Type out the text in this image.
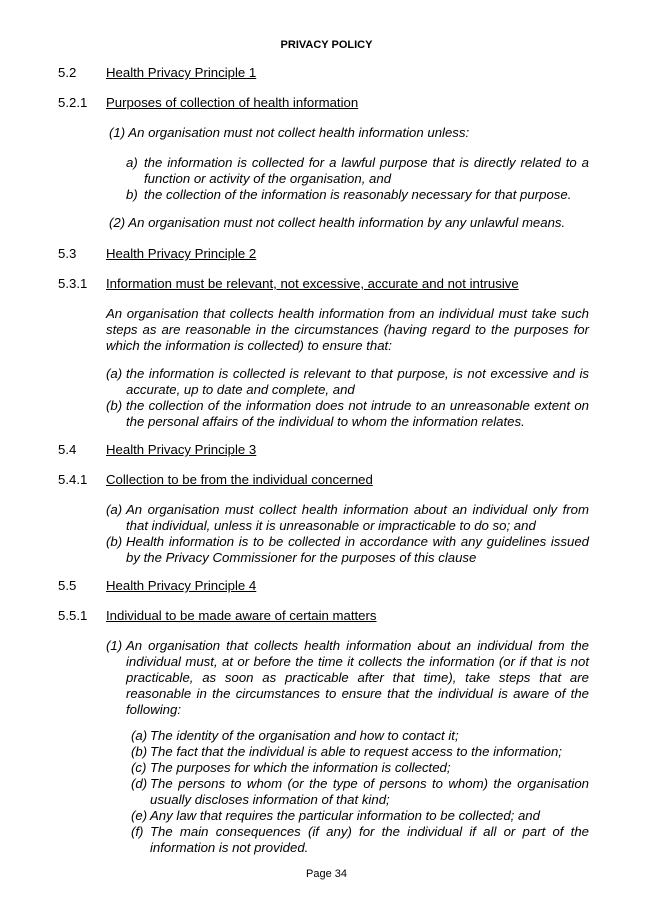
PRIVACY POLICY
5.2 Health Privacy Principle 1
5.2.1 Purposes of collection of health information
(1) An organisation must not collect health information unless:
a) the information is collected for a lawful purpose that is directly related to a function or activity of the organisation, and
b) the collection of the information is reasonably necessary for that purpose.
(2) An organisation must not collect health information by any unlawful means.
5.3 Health Privacy Principle 2
5.3.1 Information must be relevant, not excessive, accurate and not intrusive
An organisation that collects health information from an individual must take such steps as are reasonable in the circumstances (having regard to the purposes for which the information is collected) to ensure that:
(a) the information is collected is relevant to that purpose, is not excessive and is accurate, up to date and complete, and
(b) the collection of the information does not intrude to an unreasonable extent on the personal affairs of the individual to whom the information relates.
5.4 Health Privacy Principle 3
5.4.1 Collection to be from the individual concerned
(a) An organisation must collect health information about an individual only from that individual, unless it is unreasonable or impracticable to do so; and
(b) Health information is to be collected in accordance with any guidelines issued by the Privacy Commissioner for the purposes of this clause
5.5 Health Privacy Principle 4
5.5.1 Individual to be made aware of certain matters
(1) An organisation that collects health information about an individual from the individual must, at or before the time it collects the information (or if that is not practicable, as soon as practicable after that time), take steps that are reasonable in the circumstances to ensure that the individual is aware of the following:
(a) The identity of the organisation and how to contact it;
(b) The fact that the individual is able to request access to the information;
(c) The purposes for which the information is collected;
(d) The persons to whom (or the type of persons to whom) the organisation usually discloses information of that kind;
(e) Any law that requires the particular information to be collected; and
(f) The main consequences (if any) for the individual if all or part of the information is not provided.
Page 34
